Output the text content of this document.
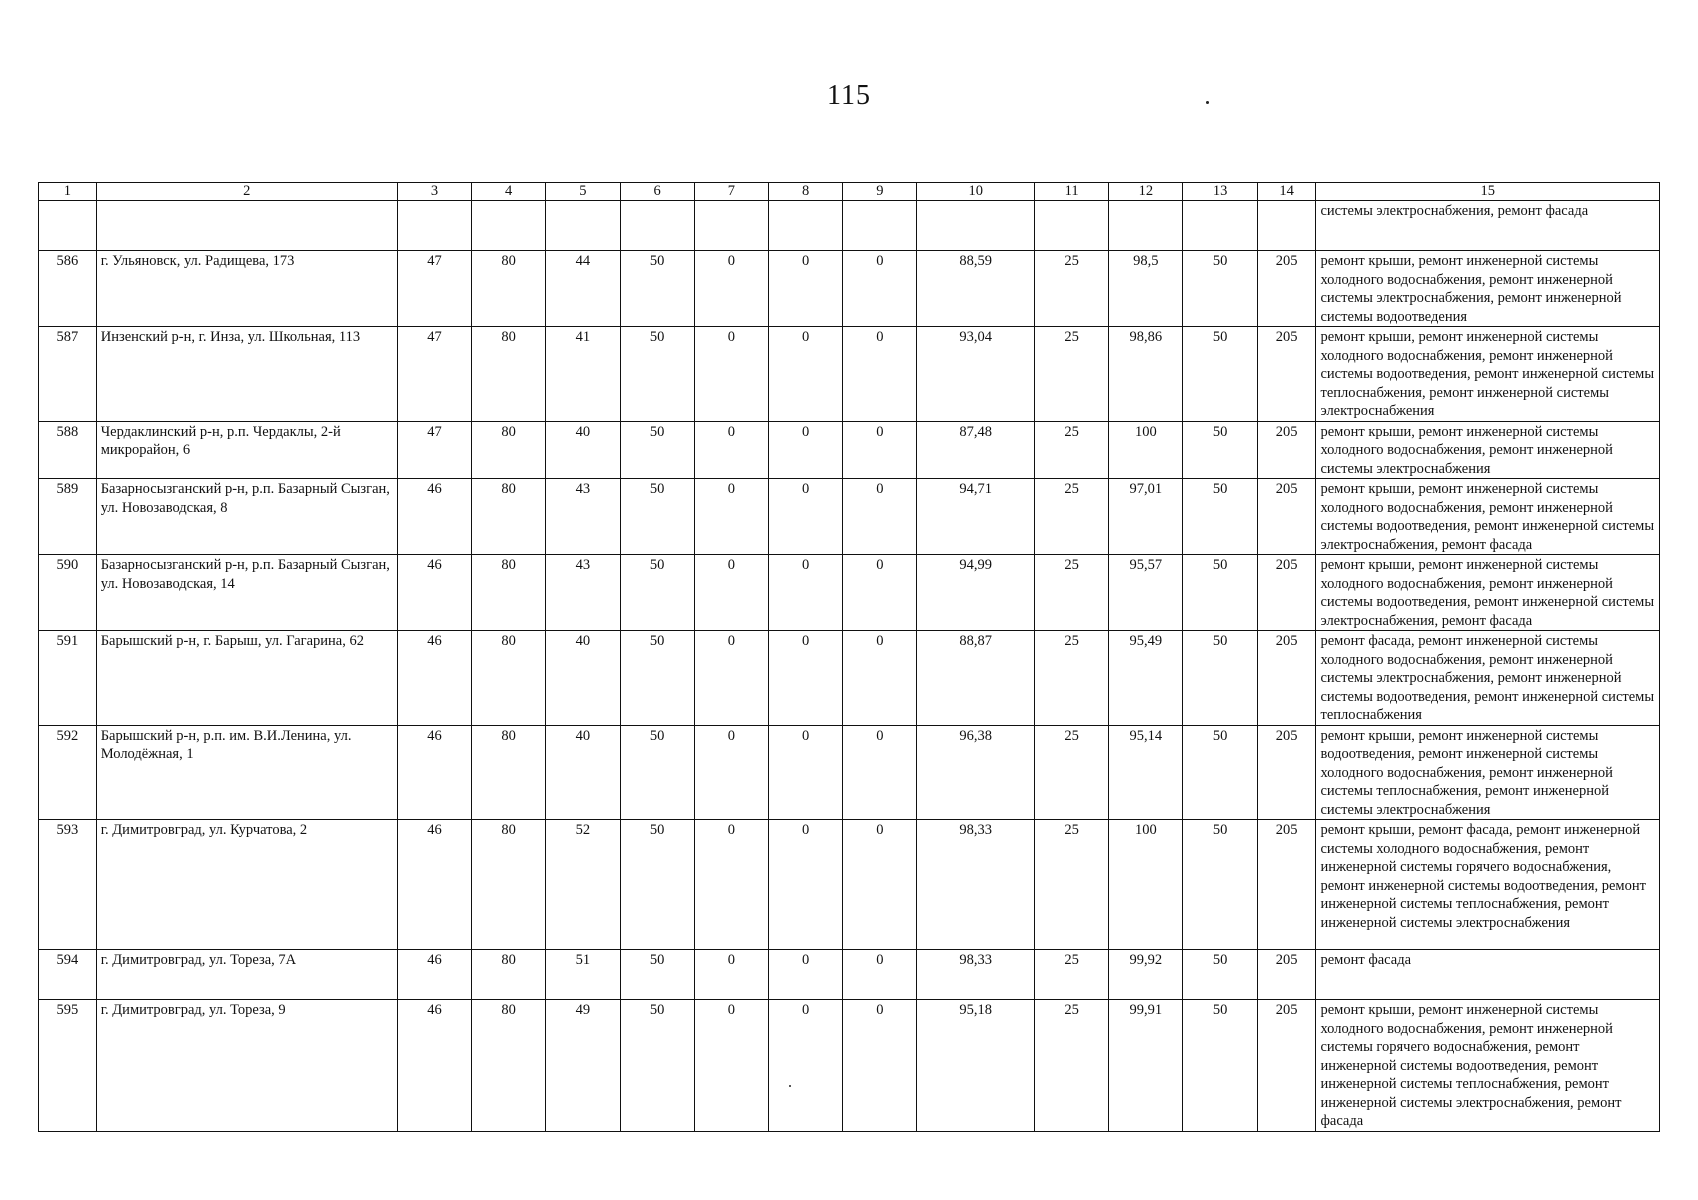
115
1	2	3	4	5	6	7	8	9	10	11	12	13	14	15
														системы электроснабжения, ремонт фасада
586	г. Ульяновск, ул. Радищева, 173	47	80	44	50	0	0	0	88,59	25	98,5	50	205	ремонт крыши, ремонт инженерной системы холодного водоснабжения, ремонт инженерной системы электроснабжения, ремонт инженерной системы водоотведения
587	Инзенский р-н, г. Инза, ул. Школьная, 113	47	80	41	50	0	0	0	93,04	25	98,86	50	205	ремонт крыши, ремонт инженерной системы холодного водоснабжения, ремонт инженерной системы водоотведения, ремонт инженерной системы теплоснабжения, ремонт инженерной системы электроснабжения
588	Чердаклинский р-н, р.п. Чердаклы, 2-й микрорайон, 6	47	80	40	50	0	0	0	87,48	25	100	50	205	ремонт крыши, ремонт инженерной системы холодного водоснабжения, ремонт инженерной системы электроснабжения
589	Базарносызганский р-н, р.п. Базарный Сызган, ул. Новозаводская, 8	46	80	43	50	0	0	0	94,71	25	97,01	50	205	ремонт крыши, ремонт инженерной системы холодного водоснабжения, ремонт инженерной системы водоотведения, ремонт инженерной системы электроснабжения, ремонт фасада
590	Базарносызганский р-н, р.п. Базарный Сызган, ул. Новозаводская, 14	46	80	43	50	0	0	0	94,99	25	95,57	50	205	ремонт крыши, ремонт инженерной системы холодного водоснабжения, ремонт инженерной системы водоотведения, ремонт инженерной системы электроснабжения, ремонт фасада
591	Барышский р-н, г. Барыш, ул. Гагарина, 62	46	80	40	50	0	0	0	88,87	25	95,49	50	205	ремонт фасада, ремонт инженерной системы холодного водоснабжения, ремонт инженерной системы электроснабжения, ремонт инженерной системы водоотведения, ремонт инженерной системы теплоснабжения
592	Барышский р-н, р.п. им. В.И.Ленина, ул. Молодёжная, 1	46	80	40	50	0	0	0	96,38	25	95,14	50	205	ремонт крыши, ремонт инженерной системы водоотведения, ремонт инженерной системы холодного водоснабжения, ремонт инженерной системы теплоснабжения, ремонт инженерной системы электроснабжения
593	г. Димитровград, ул. Курчатова, 2	46	80	52	50	0	0	0	98,33	25	100	50	205	ремонт крыши, ремонт фасада, ремонт инженерной системы холодного водоснабжения, ремонт инженерной системы горячего водоснабжения, ремонт инженерной системы водоотведения, ремонт инженерной системы теплоснабжения, ремонт инженерной системы электроснабжения
594	г. Димитровград, ул. Тореза, 7А	46	80	51	50	0	0	0	98,33	25	99,92	50	205	ремонт фасада
595	г. Димитровград, ул. Тореза, 9	46	80	49	50	0	0	0	95,18	25	99,91	50	205	ремонт крыши, ремонт инженерной системы холодного водоснабжения, ремонт инженерной системы горячего водоснабжения, ремонт инженерной системы водоотведения, ремонт инженерной системы теплоснабжения, ремонт инженерной системы электроснабжения, ремонт фасада
